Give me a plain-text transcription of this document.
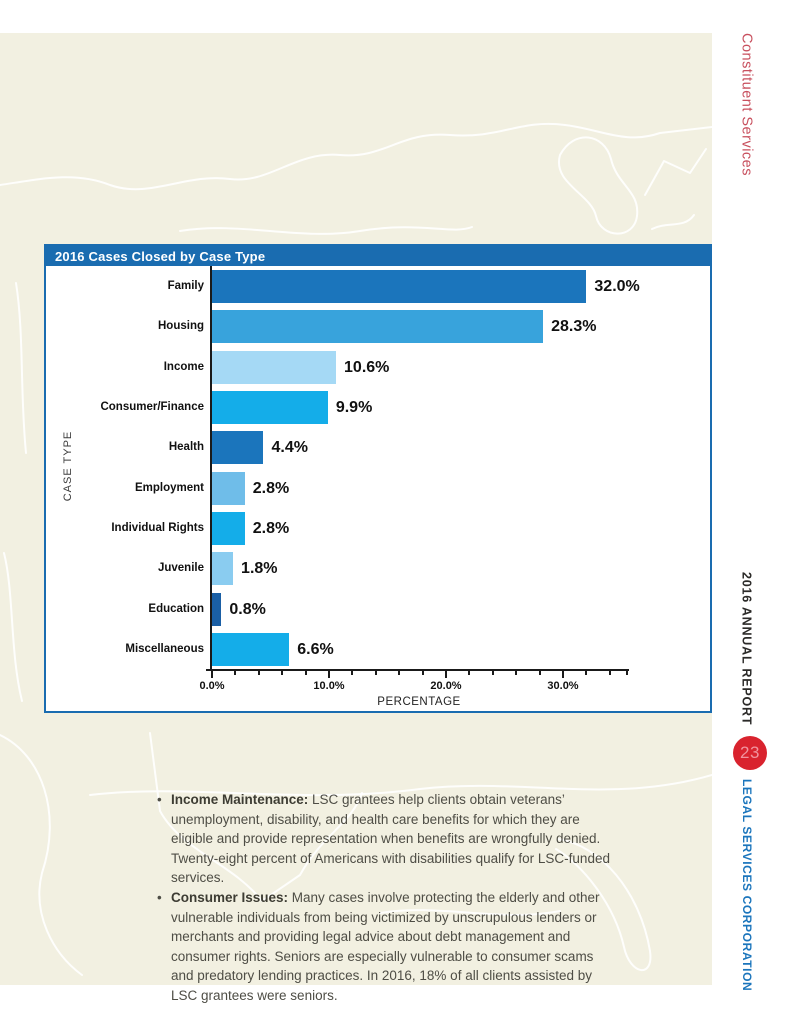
• Income Maintenance: LSC grantees help clients obtain veterans’ unemployment, disability, and health care benefits for which they are eligible and provide representation when benefits are wrongfully denied. Twenty-eight percent of Americans with disabilities qualify for LSC-funded services.
• Consumer Issues: Many cases involve protecting the elderly and other vulnerable individuals from being victimized by unscrupulous lenders or merchants and providing legal advice about debt management and consumer rights. Seniors are especially vulnerable to consumer scams and predatory lending practices. In 2016, 18% of all clients assisted by LSC grantees were seniors.
2016 Cases Closed by Case Type
CASE TYPE
PERCENTAGE
Family	32.0%
Housing	28.3%
Income	10.6%
Consumer/Finance	9.9%
Health	4.4%
Employment	2.8%
Individual Rights	2.8%
Juvenile 1.8%
Education 0.8%
Miscellaneous	6.6%
0.0%	10.0%	20.0%	30.0%
Constituent Services
2016 ANNUAL REPORT
23
LEGAL SERVICES CORPORATION
